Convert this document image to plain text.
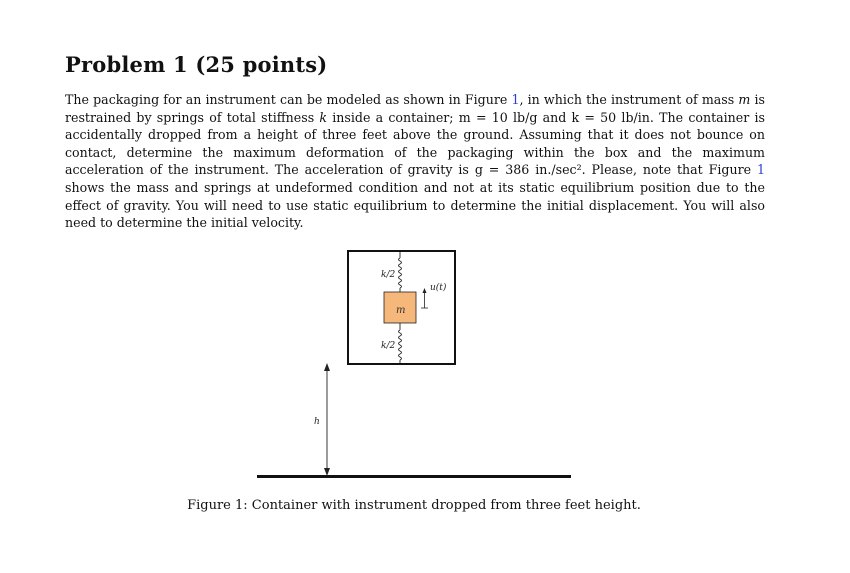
Problem 1 (25 points)

The packaging for an instrument can be modeled as shown in Figure 1, in which the instrument of mass m is restrained by springs of total stiffness k inside a container; m = 10 lb/g and k = 50 lb/in. The container is accidentally dropped from a height of three feet above the ground. Assuming that it does not bounce on contact, determine the maximum deformation of the packaging within the box and the maximum acceleration of the instrument. The acceleration of gravity is g = 386 in./sec². Please, note that Figure 1 shows the mass and springs at undeformed condition and not at its static equilibrium position due to the effect of gravity. You will need to use static equilibrium to determine the initial displacement. You will also need to determine the initial velocity.

k/2
k/2
m
u(t)
h
Figure 1: Container with instrument dropped from three feet height.
